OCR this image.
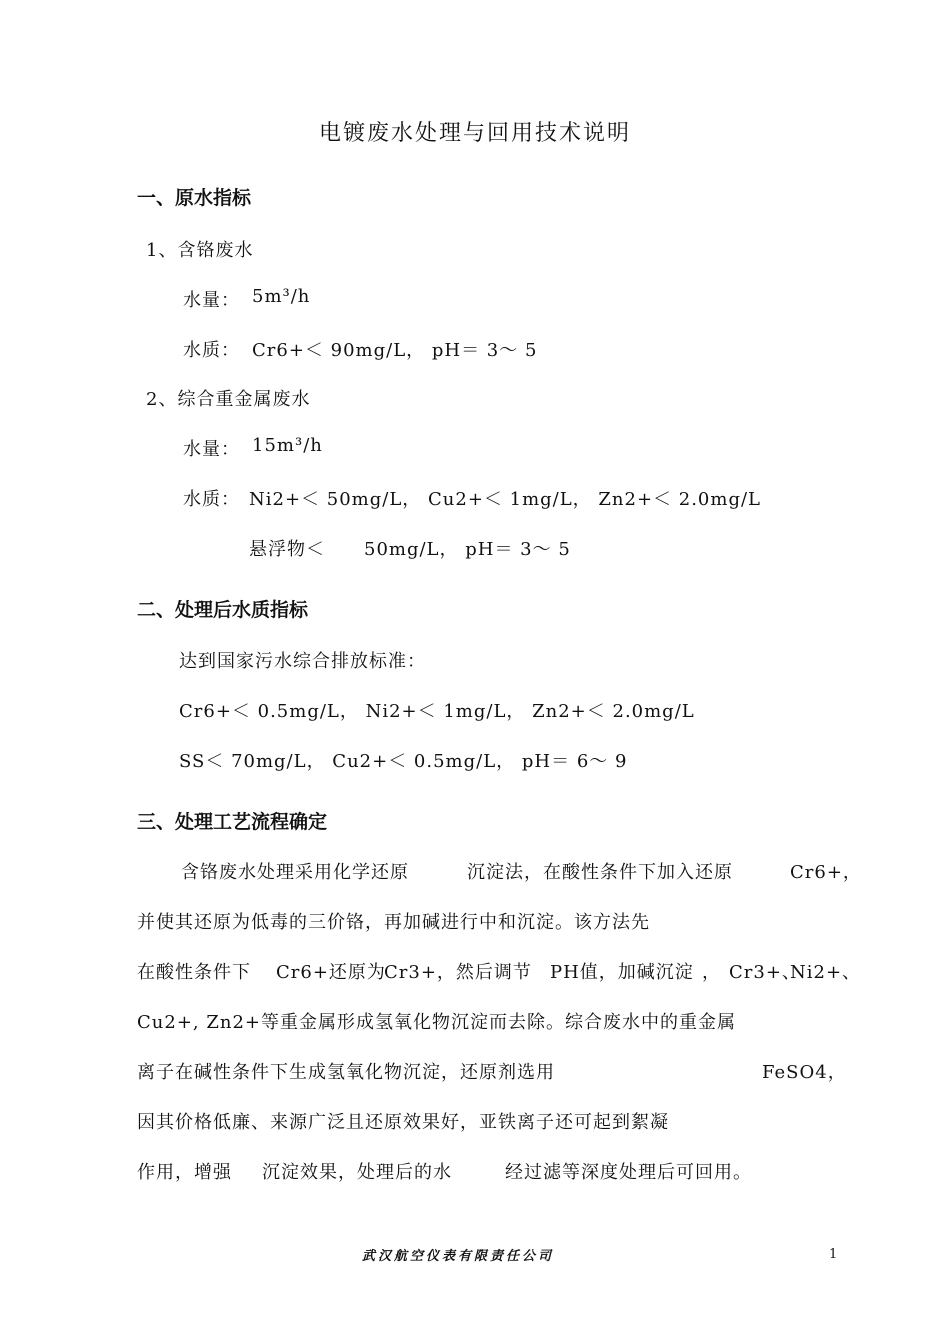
电镀废水处理与回用技术说明
一、原水指标
1、含铬废水
水量： 5m³/h
水质： Cr6+＜ 90mg/L， pH＝ 3～ 5
2、综合重金属废水
水量： 15m³/h
水质： Ni2+＜ 50mg/L， Cu2+＜ 1mg/L， Zn2+＜ 2.0mg/L
悬浮物＜ 50mg/L， pH＝ 3～ 5
二、处理后水质指标
达到国家污水综合排放标准：
Cr6+＜ 0.5mg/L， Ni2+＜ 1mg/L， Zn2+＜ 2.0mg/L
SS＜ 70mg/L， Cu2+＜ 0.5mg/L， pH＝ 6～ 9
三、处理工艺流程确定
含铬废水处理采用化学还原	沉淀法，在酸性条件下加入还原	Cr6+，
并使其还原为低毒的三价铬，再加碱进行中和沉淀。该方法先
在酸性条件下 Cr6+还原为
Cr3+，然后调节 PH值，加碱沉淀 ， Cr3+、
Ni2+、
Cu2+, Zn2+等重金属形成氢氧化物沉淀而去除。综合废水中的重金属
离子在碱性条件下生成氢氧化物沉淀，还原剂选用	FeSO4，
因其价格低廉、来源广泛且还原效果好，亚铁离子还可起到絮凝
作用，增强 沉淀效果，处理后的水	经过滤等深度处理后可回用。
武汉航空仪表有限责任公司	1
